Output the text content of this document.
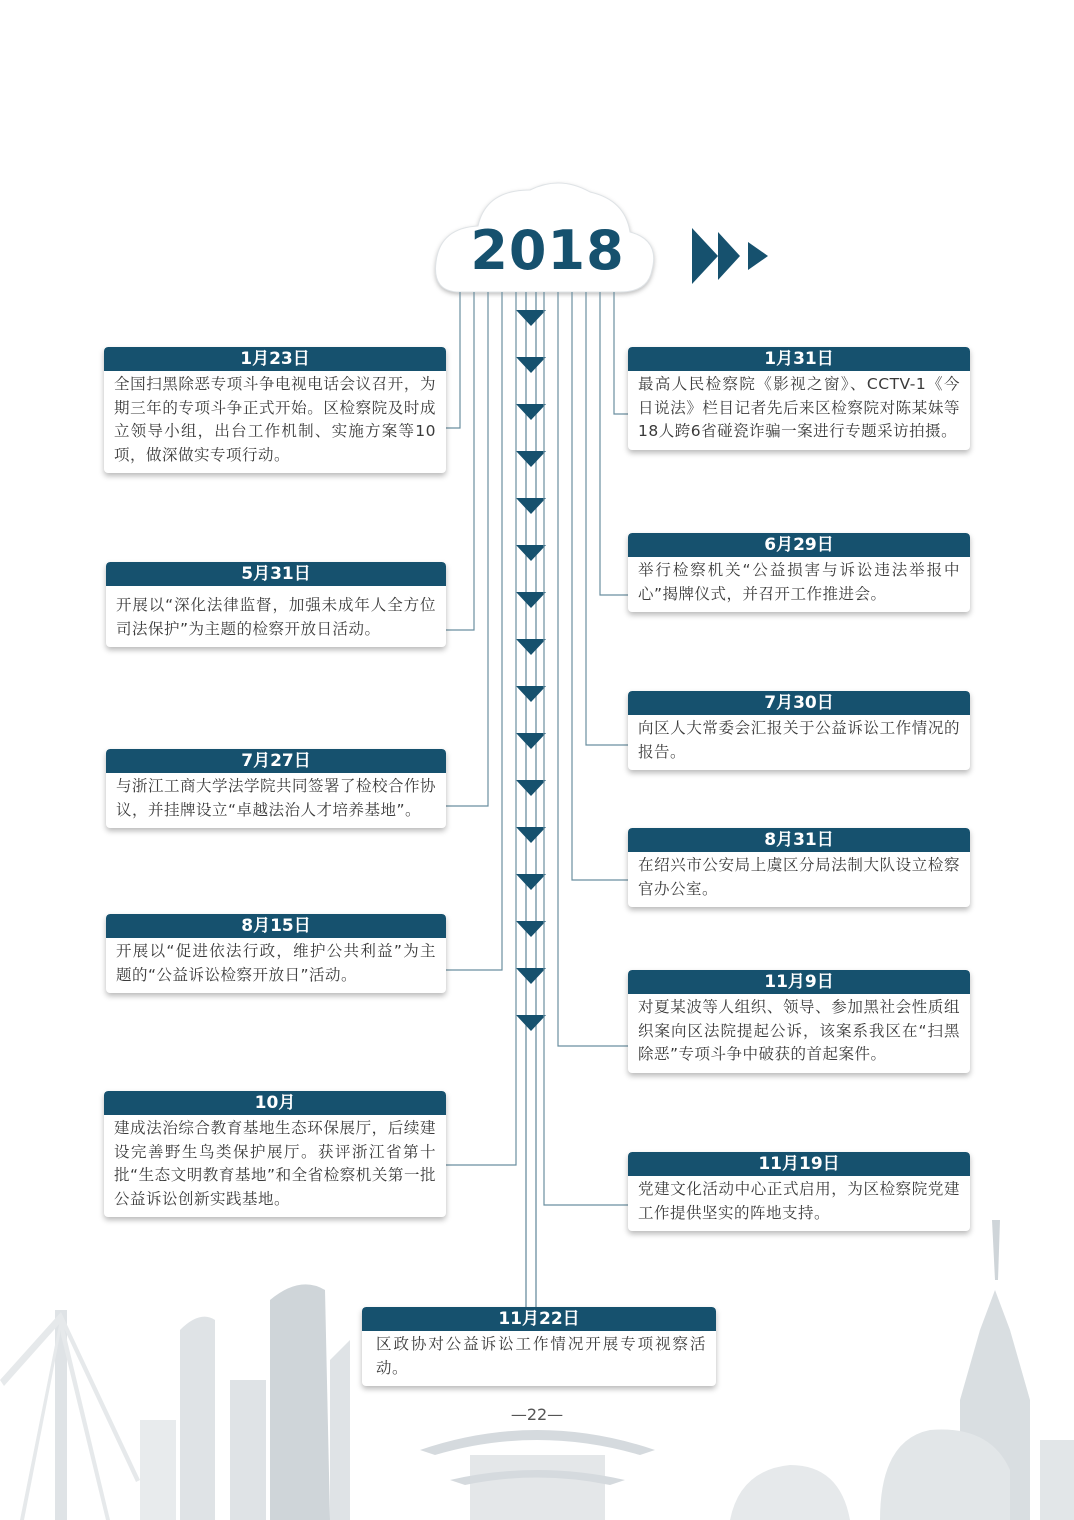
2018
1月23日
全国扫黑除恶专项斗争电视电话会议召开，为期三年的专项斗争正式开始。区检察院及时成立领导小组，出台工作机制、实施方案等10项，做深做实专项行动。
5月31日
开展以“深化法律监督，加强未成年人全方位司法保护”为主题的检察开放日活动。
7月27日
与浙江工商大学法学院共同签署了检校合作协议，并挂牌设立“卓越法治人才培养基地”。
8月15日
开展以“促进依法行政，维护公共利益”为主题的“公益诉讼检察开放日”活动。
10月
建成法治综合教育基地生态环保展厅，后续建设完善野生鸟类保护展厅。获评浙江省第十批“生态文明教育基地”和全省检察机关第一批公益诉讼创新实践基地。
1月31日
最高人民检察院《影视之窗》、CCTV-1《今日说法》栏目记者先后来区检察院对陈某妹等18人跨6省碰瓷诈骗一案进行专题采访拍摄。
6月29日
举行检察机关“公益损害与诉讼违法举报中心”揭牌仪式，并召开工作推进会。
7月30日
向区人大常委会汇报关于公益诉讼工作情况的报告。
8月31日
在绍兴市公安局上虞区分局法制大队设立检察官办公室。
11月9日
对夏某波等人组织、领导、参加黑社会性质组织案向区法院提起公诉，该案系我区在“扫黑除恶”专项斗争中破获的首起案件。
11月19日
党建文化活动中心正式启用，为区检察院党建工作提供坚实的阵地支持。
11月22日
区政协对公益诉讼工作情况开展专项视察活动。
—22—
